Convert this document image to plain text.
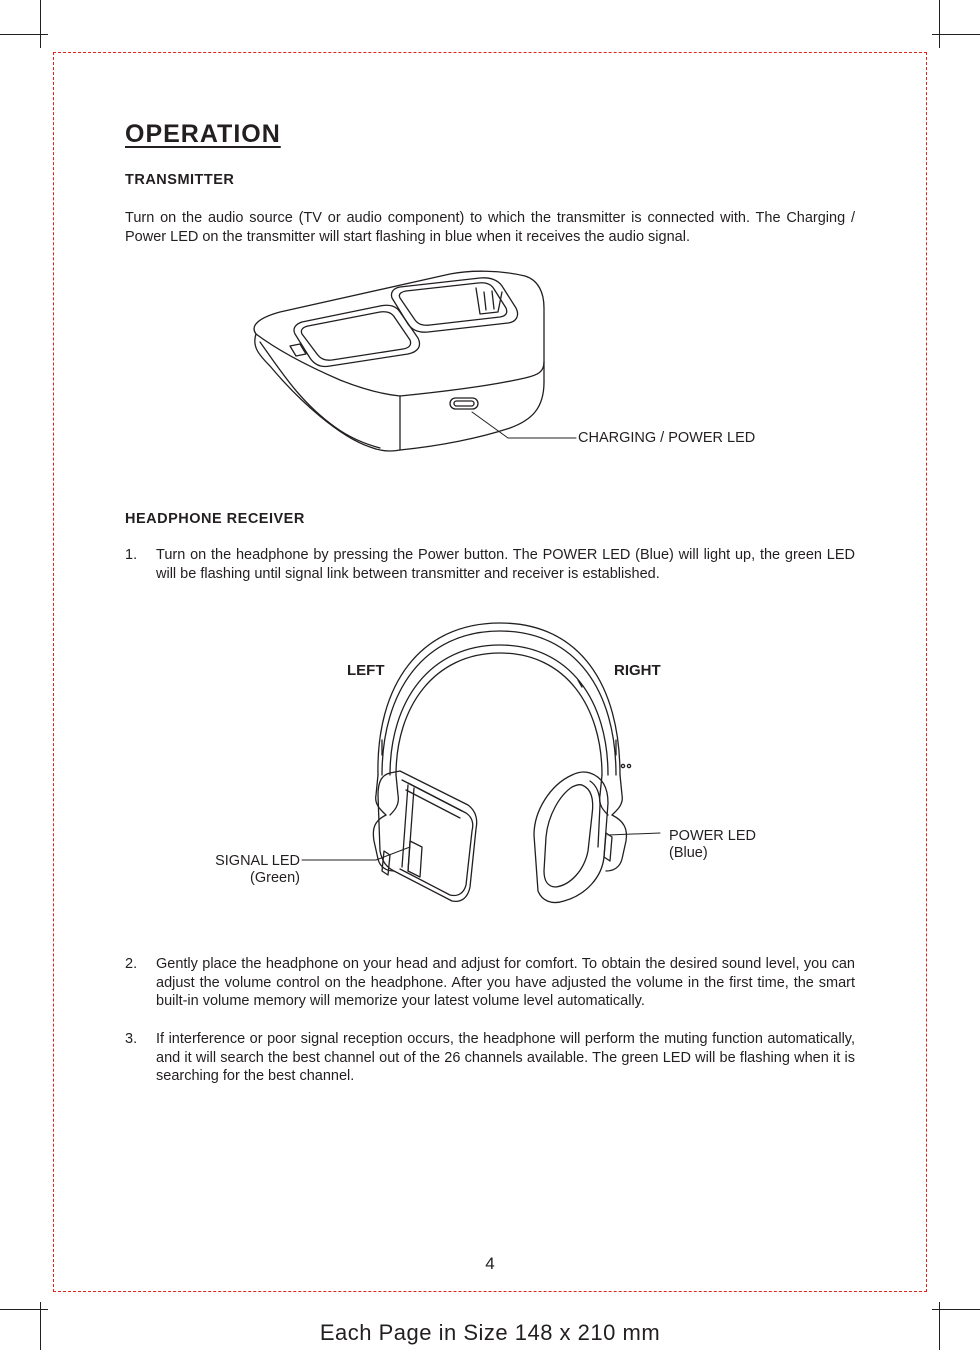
OPERATION
TRANSMITTER
Turn on the audio source (TV or audio component) to which the transmitter is connected with. The Charging / Power LED on the transmitter will start flashing in blue when it receives the audio signal.
CHARGING / POWER LED
HEADPHONE RECEIVER
1. Turn on the headphone by pressing the Power button. The POWER LED (Blue) will light up, the green LED will be flashing until signal link between transmitter and receiver is established.
LEFT	RIGHT
SIGNAL LED
(Green)
POWER LED
(Blue)
2. Gently place the headphone on your head and adjust for comfort. To obtain the desired sound level, you can adjust the volume control on the headphone. After you have adjusted the volume in the first time, the smart built-in volume memory will memorize your latest volume level automatically.
3. If interference or poor signal reception occurs, the headphone will perform the muting function automatically, and it will search the best channel out of the 26 channels available. The green LED will be flashing when it is searching for the best channel.
4
Each Page in Size 148 x 210 mm
